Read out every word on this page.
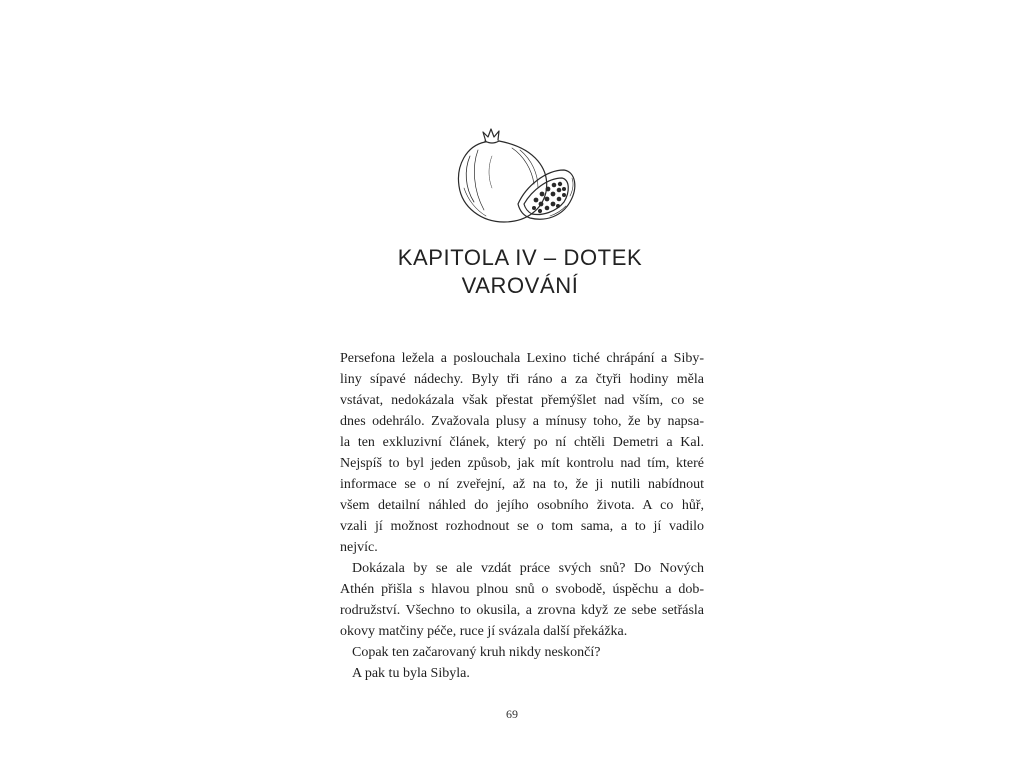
KAPITOLA IV – DOTEK
VAROVÁNÍ
Persefona ležela a poslouchala Lexino tiché chrápání a Siby-
liny sípavé nádechy. Byly tři ráno a za čtyři hodiny měla
vstávat, nedokázala však přestat přemýšlet nad vším, co se
dnes odehrálo. Zvažovala plusy a mínusy toho, že by napsa-
la ten exkluzivní článek, který po ní chtěli Demetri a Kal.
Nejspíš to byl jeden způsob, jak mít kontrolu nad tím, které
informace se o ní zveřejní, až na to, že ji nutili nabídnout
všem detailní náhled do jejího osobního života. A co hůř,
vzali jí možnost rozhodnout se o tom sama, a to jí vadilo
nejvíc.
Dokázala by se ale vzdát práce svých snů? Do Nových
Athén přišla s hlavou plnou snů o svobodě, úspěchu a dob-
rodružství. Všechno to okusila, a zrovna když ze sebe setřásla
okovy matčiny péče, ruce jí svázala další překážka.
Copak ten začarovaný kruh nikdy neskončí?
A pak tu byla Sibyla.
69
